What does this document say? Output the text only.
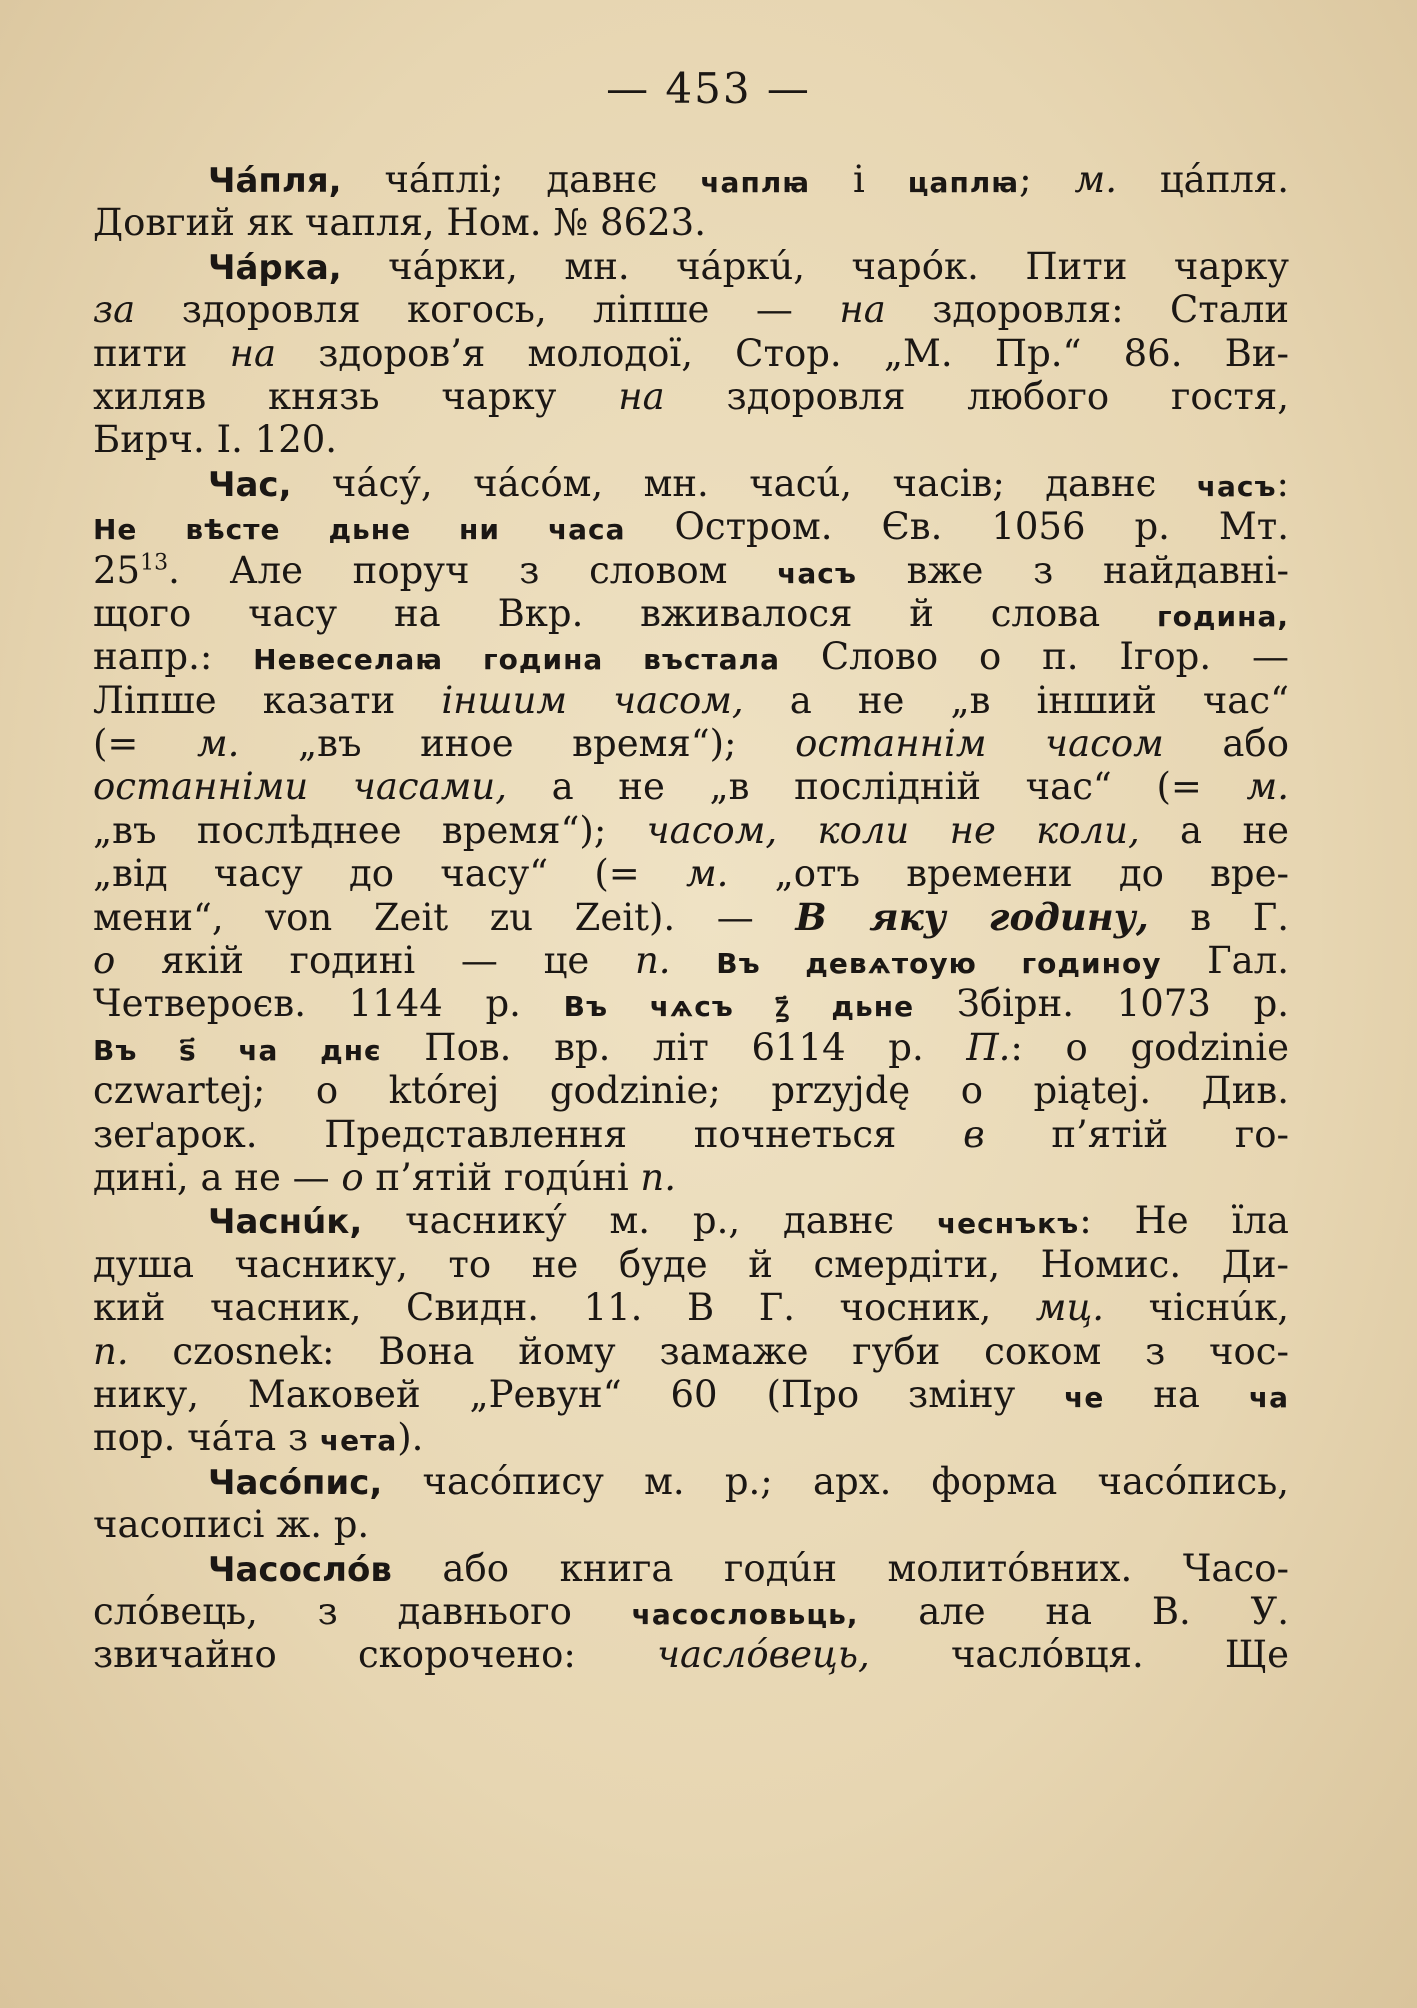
— 453 —
Чáпля, чáплі; давнє чаплꙗ і цаплꙗ; м. цáпля.
Довгий як чапля, Ном. № 8623.
Чáрка, чáрки, мн. чáркú, чарóк. Пити чарку
за здоровля когось, ліпше — на здоровля: Стали
пити на здоров’я молодої, Стор. „М. Пр.“ 86. Ви-
хиляв князь чарку на здоровля любого гостя,
Бирч. I. 120.
Час, чáсу́, чáсóм, мн. часú, часів; давнє часъ:
Не вѣсте дьне ни часа Остром. Єв. 1056 р. Мт.
$25^{13}$. Але поруч з словом часъ вже з найдавні-
щого часу на Вкр. вживалося й слова година,
напр.: Невеселаꙗ година въстала Слово о п. Ігор. —
Ліпше казати іншим часом, а не „в інший час“
(= м. „въ иное время“); останнім часом або
останніми часами, а не „в послідній час“ (= м.
„въ послѣднее время“); часом, коли не коли, а не
„від часу до часу“ (= м. „отъ времени до вре-
мени“, von Zeit zu Zeit). — В яку годину, в Г.
о якій годині — це п. Въ девѧтоую годиноу Гал.
Четвероєв. 1144 р. Въ чѧсъ ꙁ҃ дьне Збірн. 1073 р.
Въ ѕ҃ ча днє Пов. вр. літ 6114 р. П.: o godzinie
czwartej; o której godzinie; przyjdę o piątej. Див.
зеґарок. Представлення почнеться в п’ятій го-
дині, а не — о п’ятій годúні п.
Часнúк, часнику́ м. р., давнє чеснъкъ: Не їла
душа часнику, то не буде й смердіти, Номис. Ди-
кий часник, Свидн. 11. В Г. чосник, мц. чіснúк,
п. czosnek: Вона йому замаже губи соком з чос-
нику, Маковей „Ревун“ 60 (Про зміну че на ча
пор. чáта з чета).
Часóпис, часóпису м. р.; арх. форма часóпись,
часописі ж. р.
Часослóв або книга годúн молитóвних. Часо-
слóвець, з давнього часословьць, але на В. У.
звичайно скорочено: часлóвець, часлóвця. Ще
